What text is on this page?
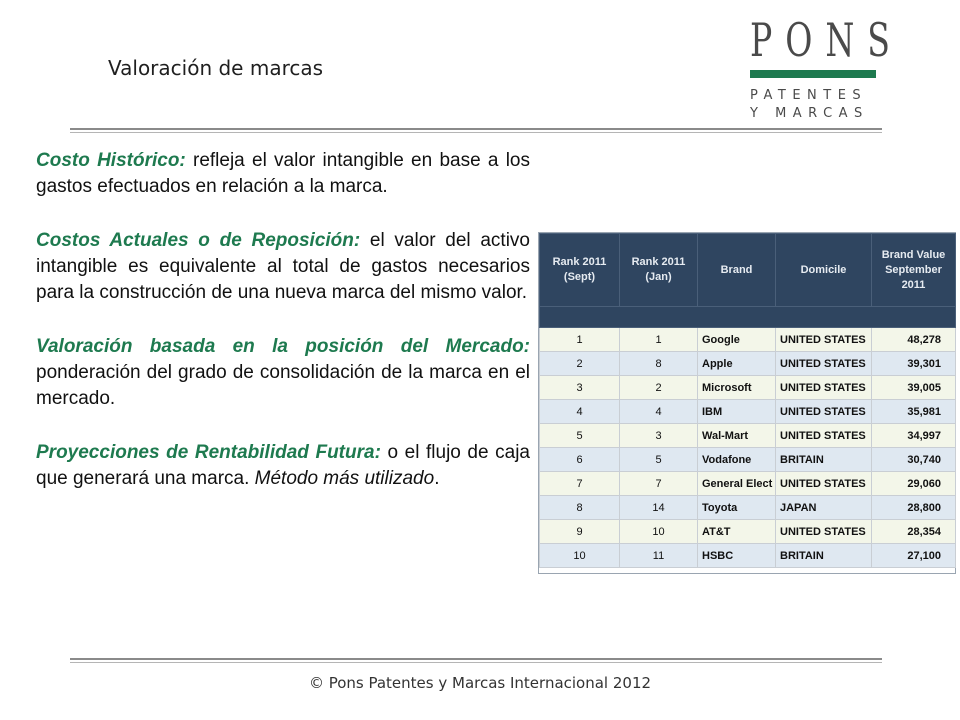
Valoración de marcas
PONS
PATENTES
Y MARCAS

Costo Histórico: refleja el valor intangible en base a los gastos efectuados en relación a la marca.

Costos Actuales o de Reposición: el valor del activo intangible es equivalente al total de gastos necesarios para la construcción de una nueva marca del mismo valor.

Valoración basada en la posición del Mercado: ponderación del grado de consolidación de la marca en el mercado.

Proyecciones de Rentabilidad Futura: o el flujo de caja que generará una marca. Método más utilizado.

Rank 2011 (Sept)	Rank 2011 (Jan)	Brand	Domicile	Brand Value September 2011

1	1	Google	UNITED STATES	48,278
2	8	Apple	UNITED STATES	39,301
3	2	Microsoft	UNITED STATES	39,005
4	4	IBM	UNITED STATES	35,981
5	3	Wal-Mart	UNITED STATES	34,997
6	5	Vodafone	BRITAIN	30,740
7	7	General Elect	UNITED STATES	29,060
8	14	Toyota	JAPAN	28,800
9	10	AT&T	UNITED STATES	28,354
10	11	HSBC	BRITAIN	27,100
© Pons Patentes y Marcas Internacional 2012
